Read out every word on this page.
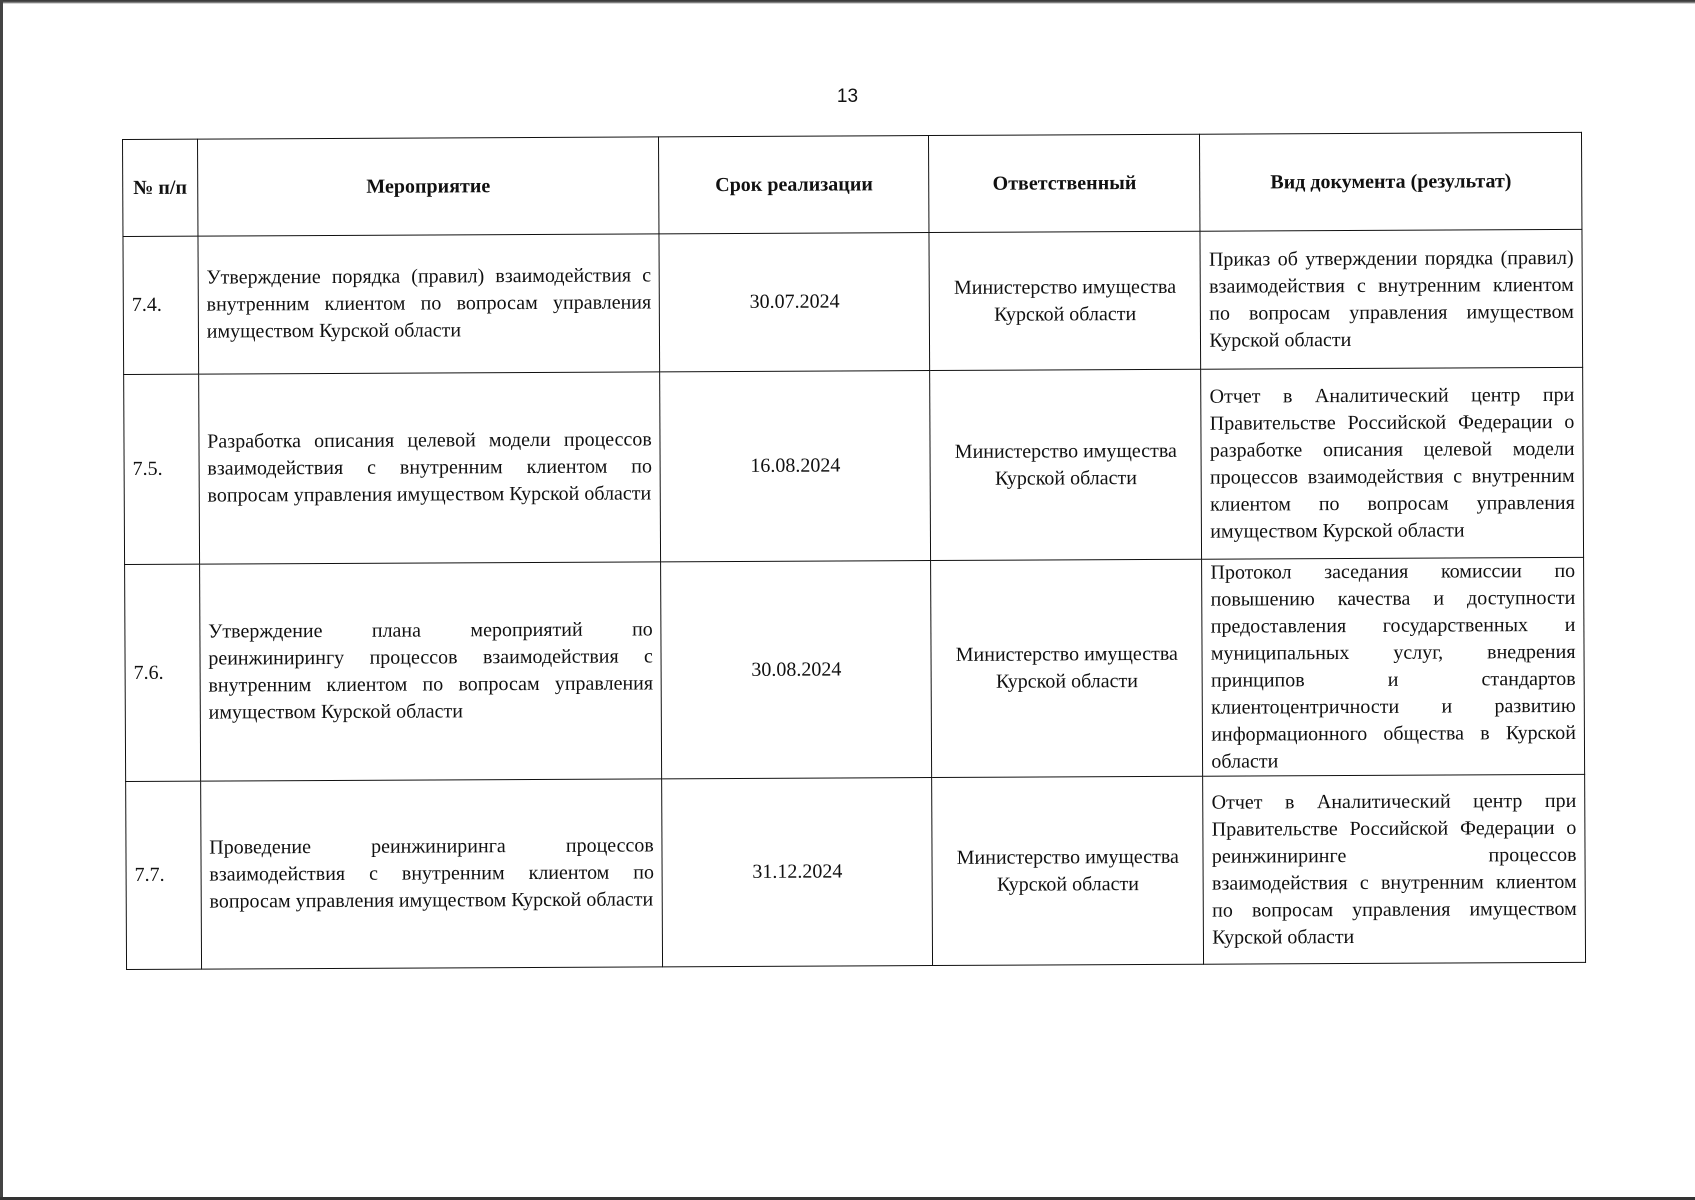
13
№ п/п	Мероприятие	Срок реализации	Ответственный	Вид документа (результат)
7.4.	Утверждение порядка (правил) взаимодействия с внутренним клиентом по вопросам управления имуществом Курской области	30.07.2024	Министерство имущества Курской области	Приказ об утверждении порядка (правил) взаимодействия с внутренним клиентом по вопросам управления имуществом Курской области
7.5.	Разработка описания целевой модели процессов взаимодействия с внутренним клиентом по вопросам управления имуществом Курской области	16.08.2024	Министерство имущества Курской области	Отчет в Аналитический центр при Правительстве Российской Федерации о разработке описания целевой модели процессов взаимодействия с внутренним клиентом по вопросам управления имуществом Курской области
7.6.	Утверждение плана мероприятий по реинжинирингу процессов взаимодействия с внутренним клиентом по вопросам управления имуществом Курской области	30.08.2024	Министерство имущества Курской области	Протокол заседания комиссии по повышению качества и доступности предоставления государственных и муниципальных услуг, внедрения принципов и стандартов клиентоцентричности и развитию информационного общества в Курской области
7.7.	Проведение реинжиниринга процессов взаимодействия с внутренним клиентом по вопросам управления имуществом Курской области	31.12.2024	Министерство имущества Курской области	Отчет в Аналитический центр при Правительстве Российской Федерации о реинжиниринге процессов взаимодействия с внутренним клиентом по вопросам управления имуществом Курской области
